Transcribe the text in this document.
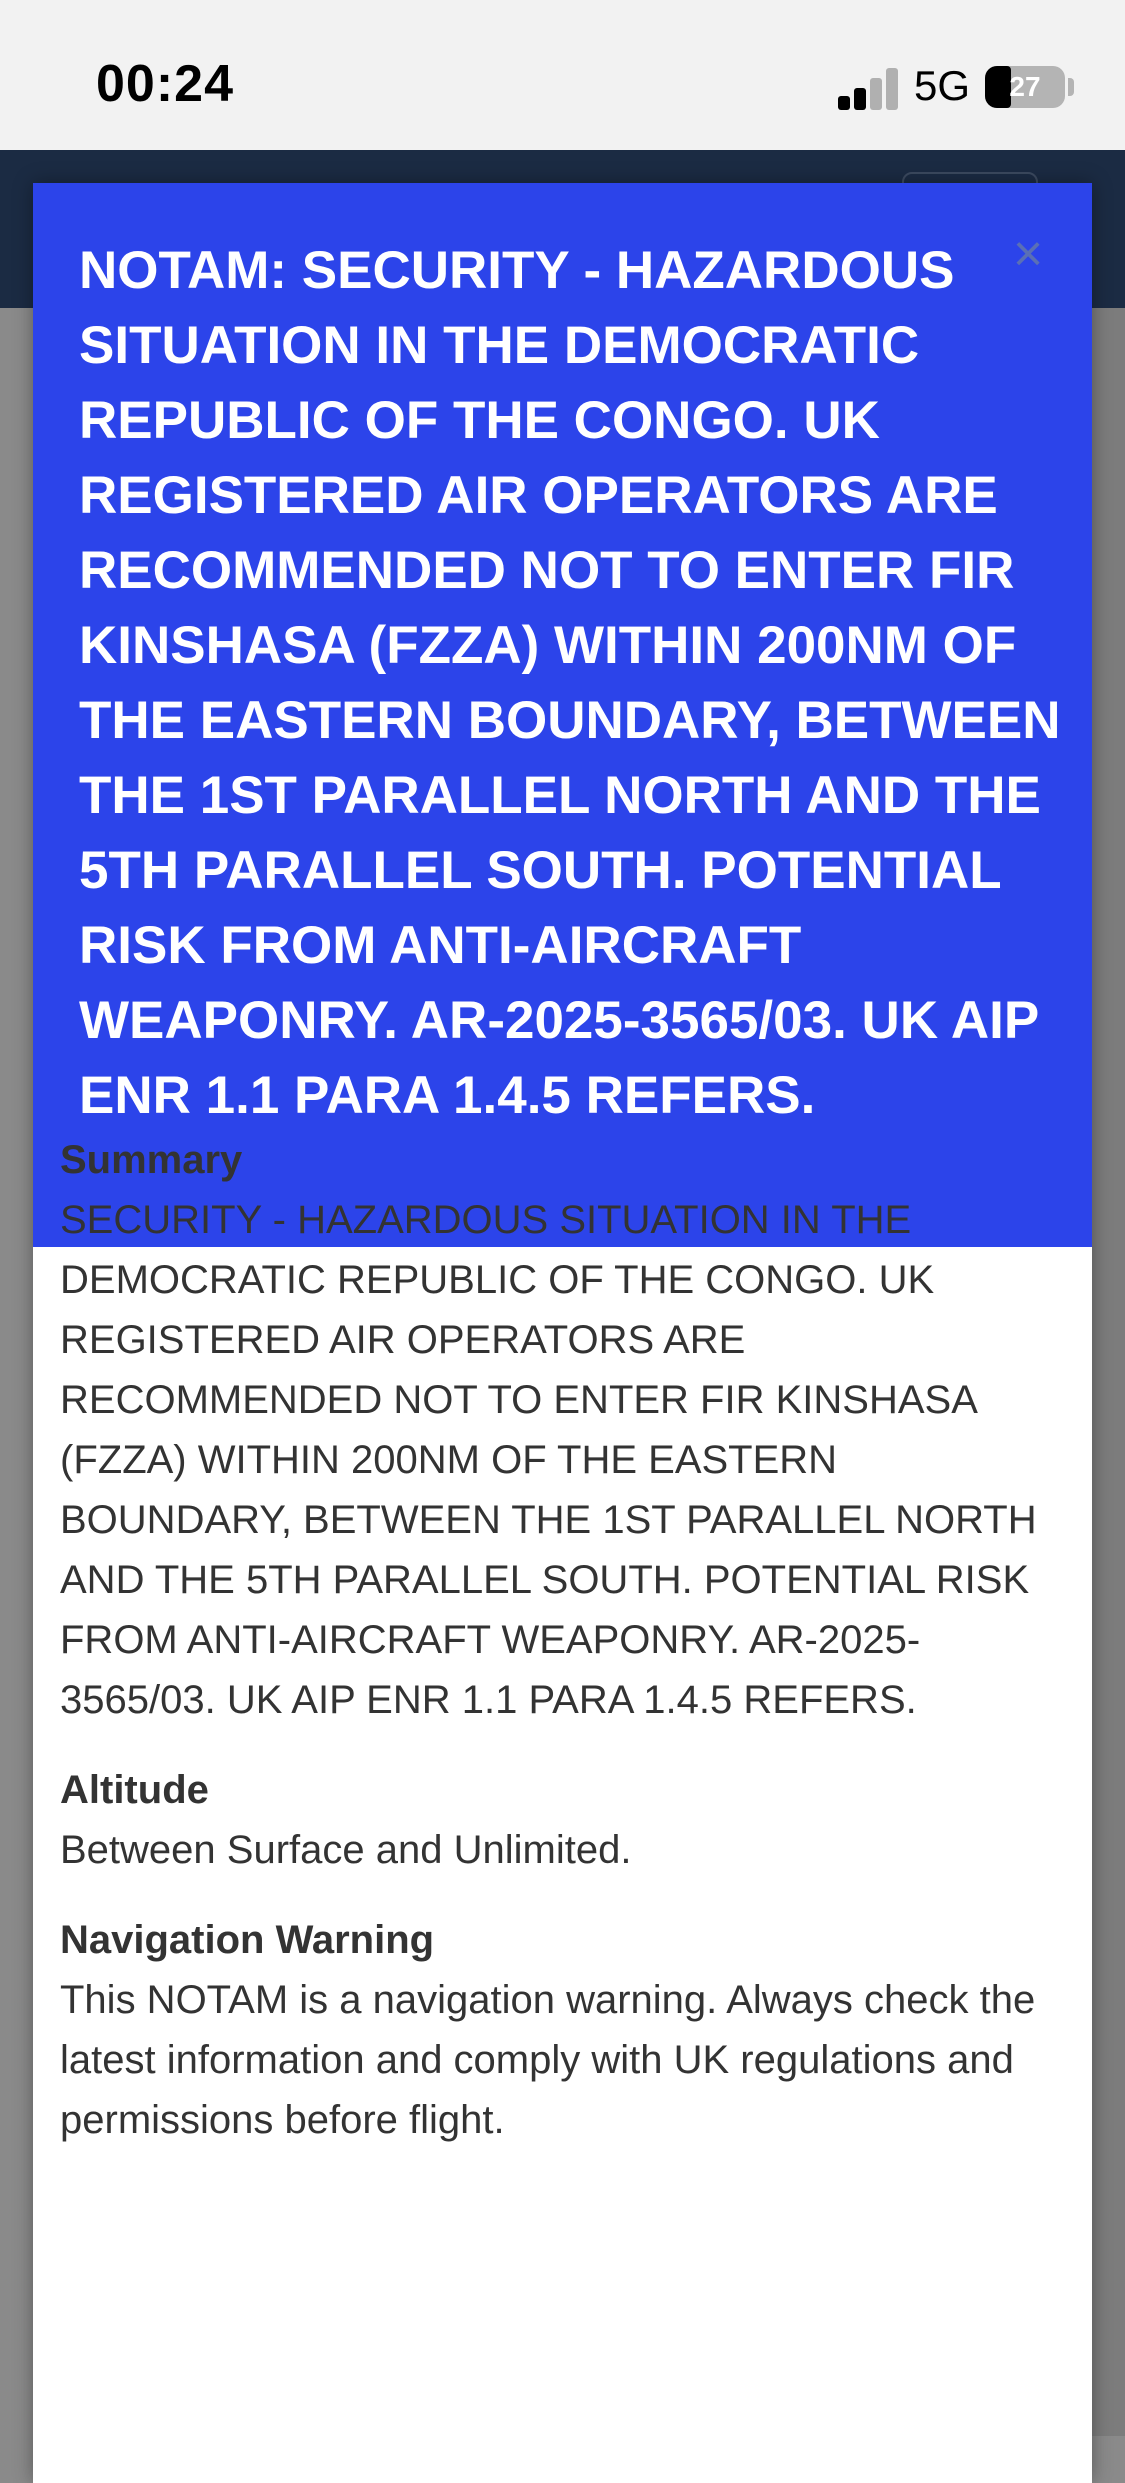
00:24	5G	27
NOTAM: SECURITY - HAZARDOUS SITUATION IN THE DEMOCRATIC REPUBLIC OF THE CONGO. UK REGISTERED AIR OPERATORS ARE RECOMMENDED NOT TO ENTER FIR KINSHASA (FZZA) WITHIN 200NM OF THE EASTERN BOUNDARY, BETWEEN THE 1ST PARALLEL NORTH AND THE 5TH PARALLEL SOUTH. POTENTIAL RISK FROM ANTI-AIRCRAFT WEAPONRY. AR-2025-3565/03. UK AIP ENR 1.1 PARA 1.4.5 REFERS.
×
Summary

SECURITY - HAZARDOUS SITUATION IN THE DEMOCRATIC REPUBLIC OF THE CONGO. UK REGISTERED AIR OPERATORS ARE RECOMMENDED NOT TO ENTER FIR KINSHASA (FZZA) WITHIN 200NM OF THE EASTERN BOUNDARY, BETWEEN THE 1ST PARALLEL NORTH AND THE 5TH PARALLEL SOUTH. POTENTIAL RISK FROM ANTI-AIRCRAFT WEAPONRY. AR-2025-3565/03. UK AIP ENR 1.1 PARA 1.4.5 REFERS.

Altitude

Between Surface and Unlimited.

Navigation Warning

This NOTAM is a navigation warning. Always check the latest information and comply with UK regulations and permissions before flight.
